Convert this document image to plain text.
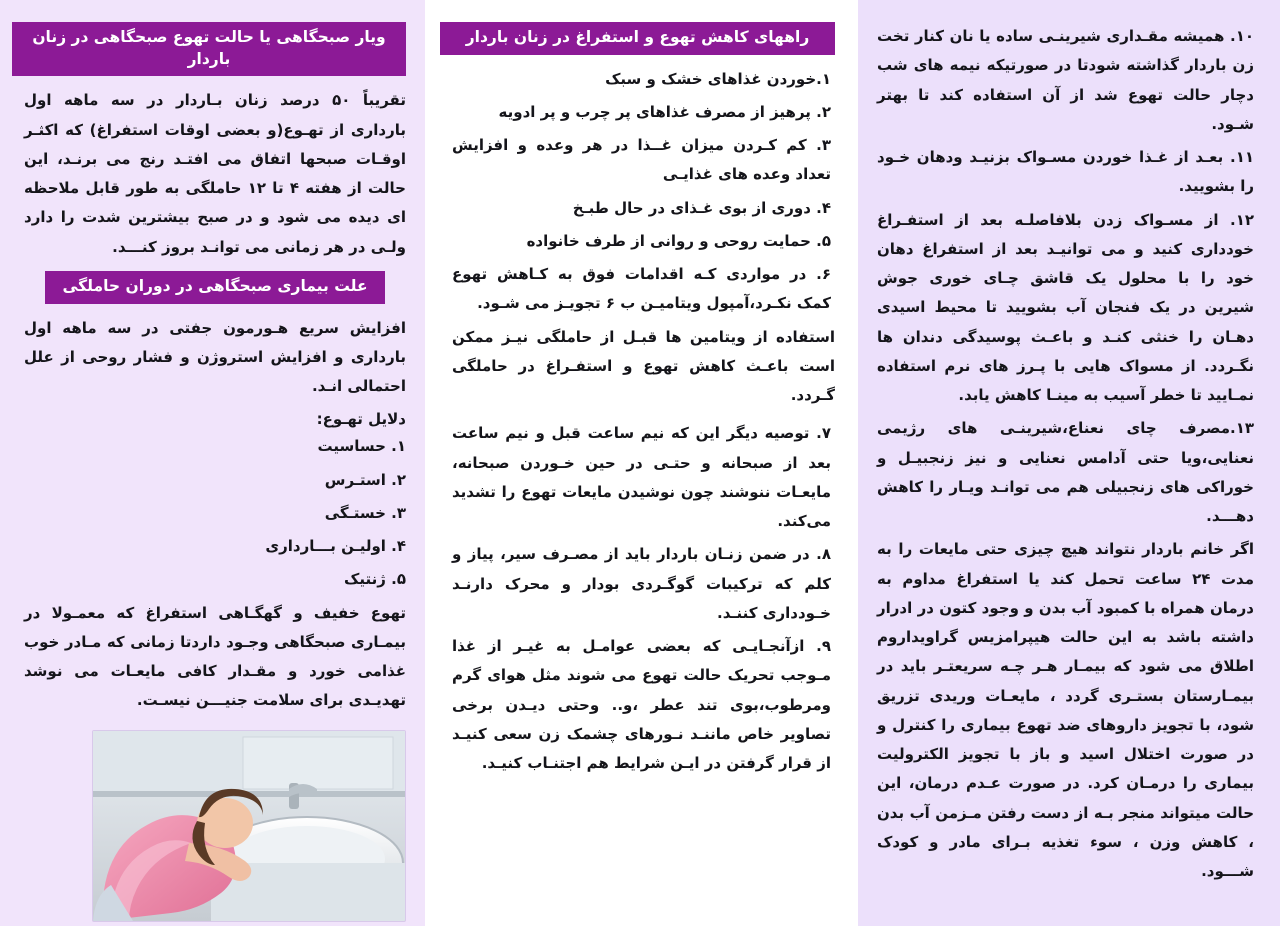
۱۰. همیشه مقـداری شیرینـی ساده یا نان کنار تخت زن باردار گذاشته شودتا در صورتیکه نیمه های شب دچار حالت تهوع شد از آن استفاده کند تا بهتر شـود.
۱۱. بعـد از غـذا خوردن مسـواک بزنیـد ودهان خـود را بشویید.
۱۲. از مسـواک زدن بلافاصلـه بعد از استفـراغ خودداری کنید و می توانیـد بعد از استفراغ دهان خود را با محلول یک قاشق چـای خوری جوش شیرین در یک فنجان آب بشویید تا محیط اسیدی دهـان را خنثی کنـد و باعـث پوسیدگی دندان ها نگـردد. از مسواک هایی با پـرز های نرم استفاده نمـایید تا خطر آسیب به مینـا کاهش یابد.
۱۳.مصرف چای نعناع،شیرینـی های رژیمی نعنایی،ویا حتی آدامس نعنایی و نیز زنجبیـل و خوراکی های زنجبیلی هم می توانـد ویـار را کاهش دهـــد.

اگر خانم باردار نتواند هیچ چیزی حتی مایعات را به مدت ۲۴ ساعت تحمل کند یا استفراغ مداوم به درمان همراه با کمبود آب بدن و وجود کتون در ادرار داشته باشد به این حالت هیپرامزیس گراویداروم اطلاق می شود که بیمـار هـر چـه سریعتـر باید در بیمـارستان بستـری گردد ، مایعـات وریدی تزریق شود، با تجویز داروهای ضد تهوع بیماری را کنترل و در صورت اختلال اسید و باز با تجویز الکترولیت بیماری را درمـان کرد. در صورت عـدم درمان، این حالت میتواند منجر بـه از دست رفتن مـزمن آب بدن ، کاهش وزن ، سوء تغذیه بـرای مادر و کودک شـــود.

راههای کاهش تهوع و استفراغ در زنان باردار
۱.خوردن غذاهای خشک و سبک
۲. پرهیز از مصرف غذاهای پر چرب و پر ادویه
۳. کم کـردن میزان غــذا در هر وعده و افزایش تعداد وعده های غذایـی
۴. دوری از بوی غـذای در حال طبـخ
۵. حمایت روحی و روانی از طرف خانواده
۶. در مواردی کـه اقدامات فوق به کـاهش تهوع کمک نکـرد،آمپول ویتامیـن ب ۶ تجویـز می شـود.

استفاده از ویتامین ها قبـل از حاملگی نیـز ممکن است باعـث کاهش تهوع و استفـراغ در حاملگی گـردد.

۷. توصیه دیگر این که نیم ساعت قبل و نیم ساعت بعد از صبحانه و حتـی در حین خـوردن صبحانه، مایعـات ننوشند چون نوشیدن مایعات تهوع را تشدید می‌کند.
۸. در ضمن زنـان باردار باید از مصـرف سیر، پیاز و کلم که ترکیبات گوگـردی بودار و محرک دارنـد خـودداری کننـد.
۹. ازآنجـایـی که بعضی عوامـل به غیـر از غذا مـوجب تحریک حالت تهوع می شوند مثل هوای گرم ومرطوب،بوی تند عطر ،و.. وحتی دیـدن برخی تصاویر خاص ماننـد نـورهای چشمک زن سعی کنیـد از قرار گرفتن در ایـن شرایط هم اجتنـاب کنیـد.
ویار صبحگاهی یا حالت تهوع صبحگاهی در زنان باردار

تقریباً ۵۰ درصد زنان بـاردار در سه ماهه اول بارداری از تهـوع(و بعضی اوقات استفراغ) که اکثـر اوقـات صبحها اتفاق می افتـد رنج می برنـد، این حالت از هفته ۴ تا ۱۲ حاملگی به طور قابل ملاحظه ای دیده می شود و در صبح بیشترین شدت را دارد ولـی در هر زمانی می توانـد بروز کنـــد.

علت بیماری صبحگاهی در دوران حاملگی

افزایش سریع هـورمون جفتی در سه ماهه اول بارداری و افزایش استروژن و فشار روحی از علل احتمالی انـد.

دلایل تهـوع:
۱. حساسیت
۲. استـرس
۳. خستـگی
۴. اولیـن بـــارداری
۵. ژنتیک

تهوع خفیف و گهگـاهی استفراغ که معمـولا در بیمـاری صبحگاهی وجـود داردتا زمانی که مـادر خوب غذامی خورد و مقـدار کافی مایعـات می نوشد تهدیـدی برای سلامت جنیـــن نیسـت.
